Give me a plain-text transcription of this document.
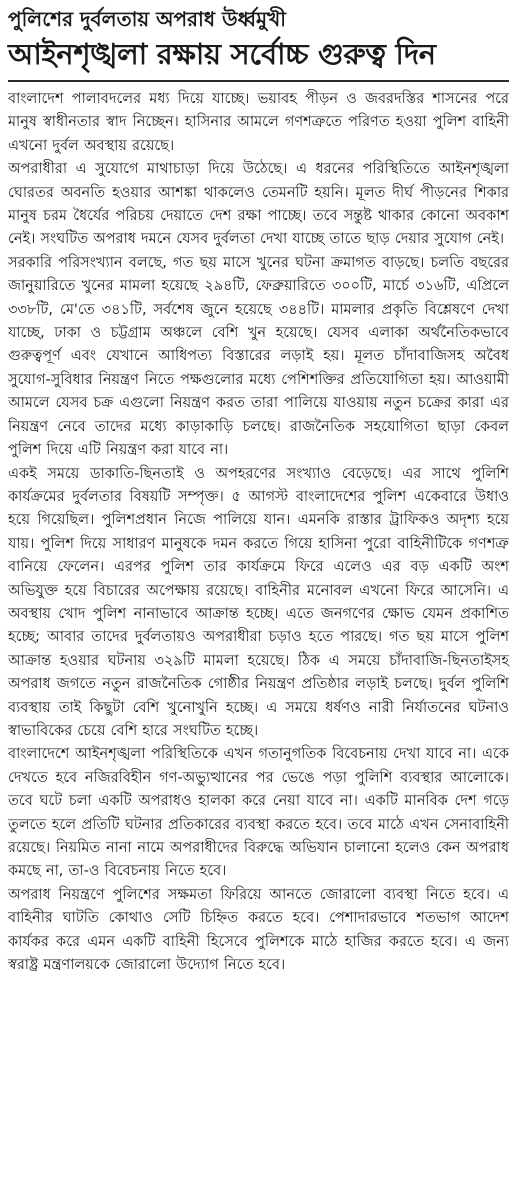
পুলিশের দুর্বলতায় অপরাধ উর্ধ্বমুখী
আইনশৃঙ্খলা রক্ষায় সর্বোচ্চ গুরুত্ব দিন

বাংলাদেশ পালাবদলের মধ্য দিয়ে যাচ্ছে। ভয়াবহ পীড়ন ও জবরদস্তির শাসনের পরে মানুষ স্বাধীনতার স্বাদ নিচ্ছেন। হাসিনার আমলে গণশত্রুতে পরিণত হওয়া পুলিশ বাহিনী এখনো দুর্বল অবস্থায় রয়েছে।

অপরাধীরা এ সুযোগে মাথাচাড়া দিয়ে উঠেছে। এ ধরনের পরিস্থিতিতে আইনশৃঙ্খলা ঘোরতর অবনতি হওয়ার আশঙ্কা থাকলেও তেমনটি হয়নি। মূলত দীর্ঘ পীড়নের শিকার মানুষ চরম ধৈর্যের পরিচয় দেয়াতে দেশ রক্ষা পাচ্ছে। তবে সন্তুষ্ট থাকার কোনো অবকাশ নেই। সংঘটিত অপরাধ দমনে যেসব দুর্বলতা দেখা যাচ্ছে তাতে ছাড় দেয়ার সুযোগ নেই।

সরকারি পরিসংখ্যান বলছে, গত ছয় মাসে খুনের ঘটনা ক্রমাগত বাড়ছে। চলতি বছরের জানুয়ারিতে খুনের মামলা হয়েছে ২৯৪টি, ফেব্রুয়ারিতে ৩০০টি, মার্চে ৩১৬টি, এপ্রিলে ৩৩৮টি, মে'তে ৩৪১টি, সর্বশেষ জুনে হয়েছে ৩৪৪টি। মামলার প্রকৃতি বিশ্লেষণে দেখা যাচ্ছে, ঢাকা ও চট্টগ্রাম অঞ্চলে বেশি খুন হয়েছে। যেসব এলাকা অর্থনৈতিকভাবে গুরুত্বপূর্ণ এবং যেখানে আধিপত্য বিস্তারের লড়াই হয়। মূলত চাঁদাবাজিসহ অবৈধ সুযোগ-সুবিধার নিয়ন্ত্রণ নিতে পক্ষগুলোর মধ্যে পেশিশক্তির প্রতিযোগিতা হয়। আওয়ামী আমলে যেসব চক্র এগুলো নিয়ন্ত্রণ করত তারা পালিয়ে যাওয়ায় নতুন চক্রের কারা এর নিয়ন্ত্রণ নেবে তাদের মধ্যে কাড়াকাড়ি চলছে। রাজনৈতিক সহযোগিতা ছাড়া কেবল পুলিশ দিয়ে এটি নিয়ন্ত্রণ করা যাবে না।

একই সময়ে ডাকাতি-ছিনতাই ও অপহরণের সংখ্যাও বেড়েছে। এর সাথে পুলিশি কার্যক্রমের দুর্বলতার বিষয়টি সম্পৃক্ত। ৫ আগস্ট বাংলাদেশের পুলিশ একেবারে উধাও হয়ে গিয়েছিল। পুলিশপ্রধান নিজে পালিয়ে যান। এমনকি রাস্তার ট্রাফিকও অদৃশ্য হয়ে যায়। পুলিশ দিয়ে সাধারণ মানুষকে দমন করতে গিয়ে হাসিনা পুরো বাহিনীটিকে গণশত্রু বানিয়ে ফেলেন। এরপর পুলিশ তার কার্যক্রমে ফিরে এলেও এর বড় একটি অংশ অভিযুক্ত হয়ে বিচারের অপেক্ষায় রয়েছে। বাহিনীর মনোবল এখনো ফিরে আসেনি। এ অবস্থায় খোদ পুলিশ নানাভাবে আক্রান্ত হচ্ছে। এতে জনগণের ক্ষোভ যেমন প্রকাশিত হচ্ছে; আবার তাদের দুর্বলতায়ও অপরাধীরা চড়াও হতে পারছে। গত ছয় মাসে পুলিশ আক্রান্ত হওয়ার ঘটনায় ৩২৯টি মামলা হয়েছে। ঠিক এ সময়ে চাঁদাবাজি-ছিনতাইসহ অপরাধ জগতে নতুন রাজনৈতিক গোষ্ঠীর নিয়ন্ত্রণ প্রতিষ্ঠার লড়াই চলছে। দুর্বল পুলিশি ব্যবস্থায় তাই কিছুটা বেশি খুনোখুনি হচ্ছে। এ সময়ে ধর্ষণও নারী নির্যাতনের ঘটনাও স্বাভাবিকের চেয়ে বেশি হারে সংঘটিত হচ্ছে।

বাংলাদেশে আইনশৃঙ্খলা পরিস্থিতিকে এখন গতানুগতিক বিবেচনায় দেখা যাবে না। একে দেখতে হবে নজিরবিহীন গণ-অভ্যুত্থানের পর ভেঙে পড়া পুলিশি ব্যবস্থার আলোকে। তবে ঘটে চলা একটি অপরাধও হালকা করে নেয়া যাবে না। একটি মানবিক দেশ গড়ে তুলতে হলে প্রতিটি ঘটনার প্রতিকারের ব্যবস্থা করতে হবে। তবে মাঠে এখন সেনাবাহিনী রয়েছে। নিয়মিত নানা নামে অপরাধীদের বিরুদ্ধে অভিযান চালানো হলেও কেন অপরাধ কমছে না, তা-ও বিবেচনায় নিতে হবে।

অপরাধ নিয়ন্ত্রণে পুলিশের সক্ষমতা ফিরিয়ে আনতে জোরালো ব্যবস্থা নিতে হবে। এ বাহিনীর ঘাটতি কোথাও সেটি চিহ্নিত করতে হবে। পেশাদারভাবে শতভাগ আদেশ কার্যকর করে এমন একটি বাহিনী হিসেবে পুলিশকে মাঠে হাজির করতে হবে। এ জন্য স্বরাষ্ট্র মন্ত্রণালয়কে জোরালো উদ্যোগ নিতে হবে।
